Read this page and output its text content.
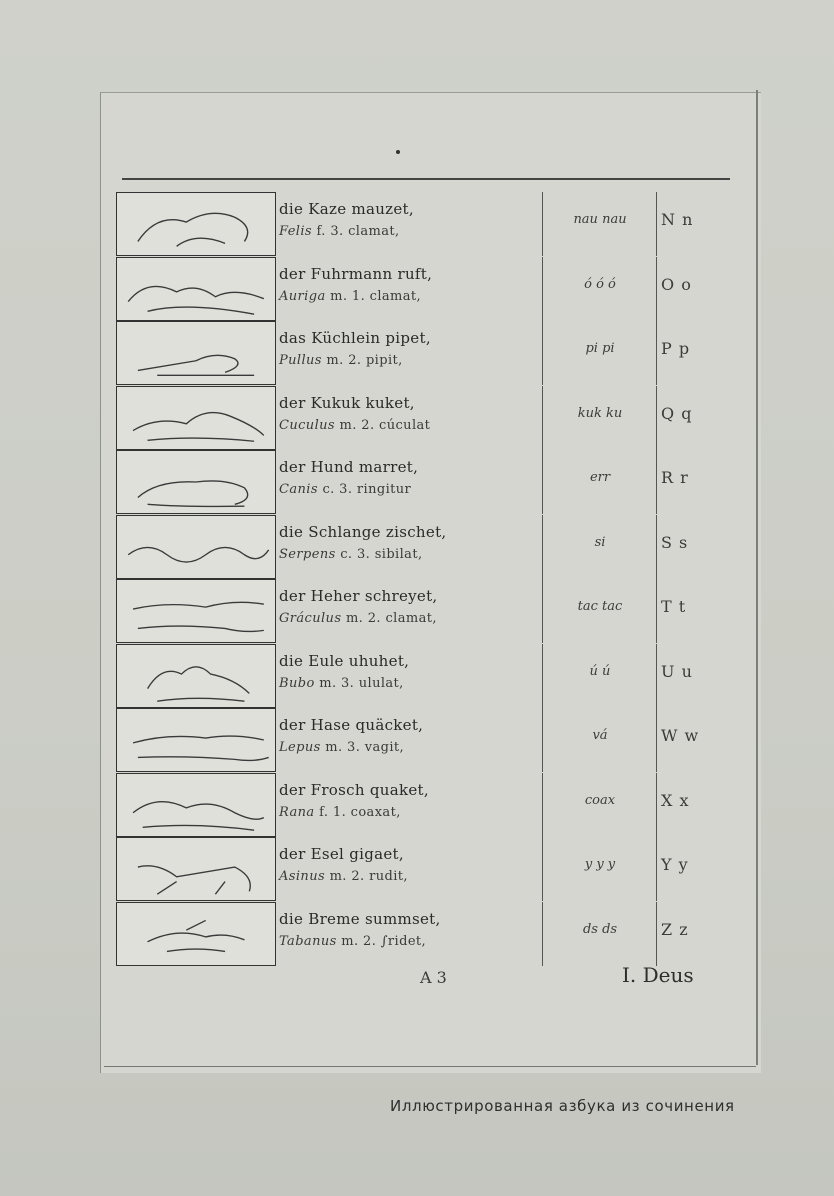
die Kaze mauzet,
Felis f. 3. clamat,
nau nau	N n
der Fuhrmann ruft,
Auriga m. 1. clamat,
ó ó ó	O o
das Küchlein pipet,
Pullus m. 2. pipit,
pi pi	P p
der Kukuk kuket,
Cuculus m. 2. cúculat
kuk ku	Q q
der Hund marret,
Canis c. 3. ringitur
err	R r
die Schlange zischet,
Serpens c. 3. sibilat,
si	S s
der Heher schreyet,
Gráculus m. 2. clamat,
tac tac	T t
die Eule uhuhet,
Bubo m. 3. ululat,
ú ú	U u
der Hase quäcket,
Lepus m. 3. vagit,
vá	W w
der Frosch quaket,
Rana f. 1. coaxat,
coax	X x
der Esel gigaet,
Asinus m. 2. rudit,
y y y	Y y
die Breme summset,
Tabanus m. 2. ∫ridet,
ds ds	Z z
A 3	I. Deus
Иллюстрированная азбука из сочинения
